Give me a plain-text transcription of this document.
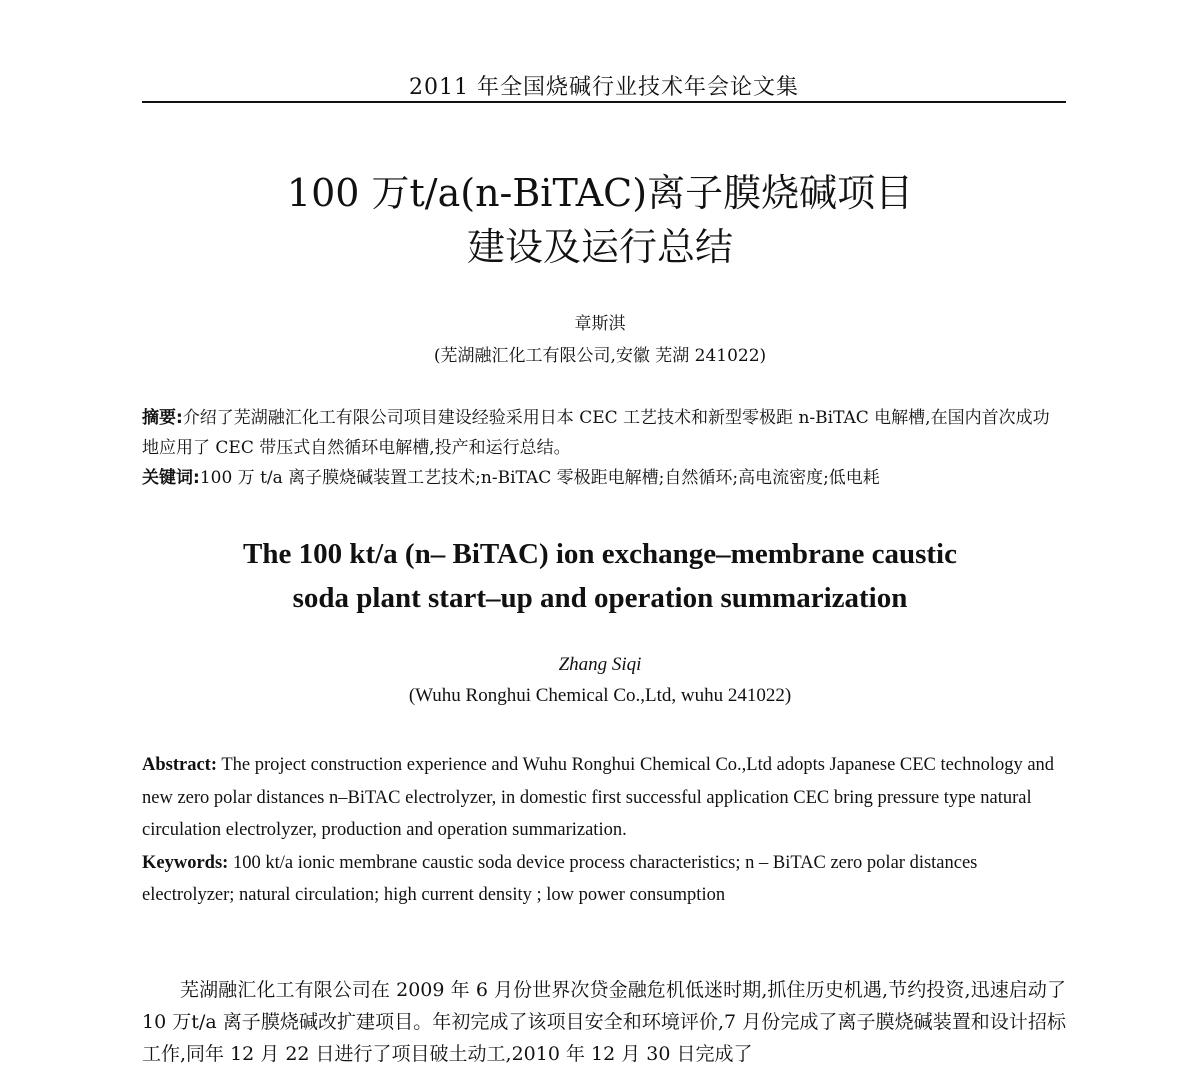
2011 年全国烧碱行业技术年会论文集
100 万t/a(n-BiTAC)离子膜烧碱项目
建设及运行总结
章斯淇
(芜湖融汇化工有限公司,安徽 芜湖 241022)

摘要:介绍了芜湖融汇化工有限公司项目建设经验采用日本 CEC 工艺技术和新型零极距 n-BiTAC 电解槽,在国内首次成功地应用了 CEC 带压式自然循环电解槽,投产和运行总结。

关键词:100 万 t/a 离子膜烧碱装置工艺技术;n-BiTAC 零极距电解槽;自然循环;高电流密度;低电耗

The 100 kt/a (n– BiTAC) ion exchange–membrane caustic
soda plant start–up and operation summarization
Zhang Siqi
(Wuhu Ronghui Chemical Co.,Ltd, wuhu 241022)

Abstract: The project construction experience and Wuhu Ronghui Chemical Co.,Ltd adopts Japanese CEC technology and new zero polar distances n–BiTAC electrolyzer, in domestic first successful application CEC bring pressure type natural circulation electrolyzer, production and operation summarization.

Keywords: 100 kt/a ionic membrane caustic soda device process characteristics; n – BiTAC zero polar distances electrolyzer; natural circulation; high current density ; low power consumption

芜湖融汇化工有限公司在 2009 年 6 月份世界次贷金融危机低迷时期,抓住历史机遇,节约投资,迅速启动了 10 万t/a 离子膜烧碱改扩建项目。年初完成了该项目安全和环境评价,7 月份完成了离子膜烧碱装置和设计招标工作,同年 12 月 22 日进行了项目破土动工,2010 年 12 月 30 日完成了
